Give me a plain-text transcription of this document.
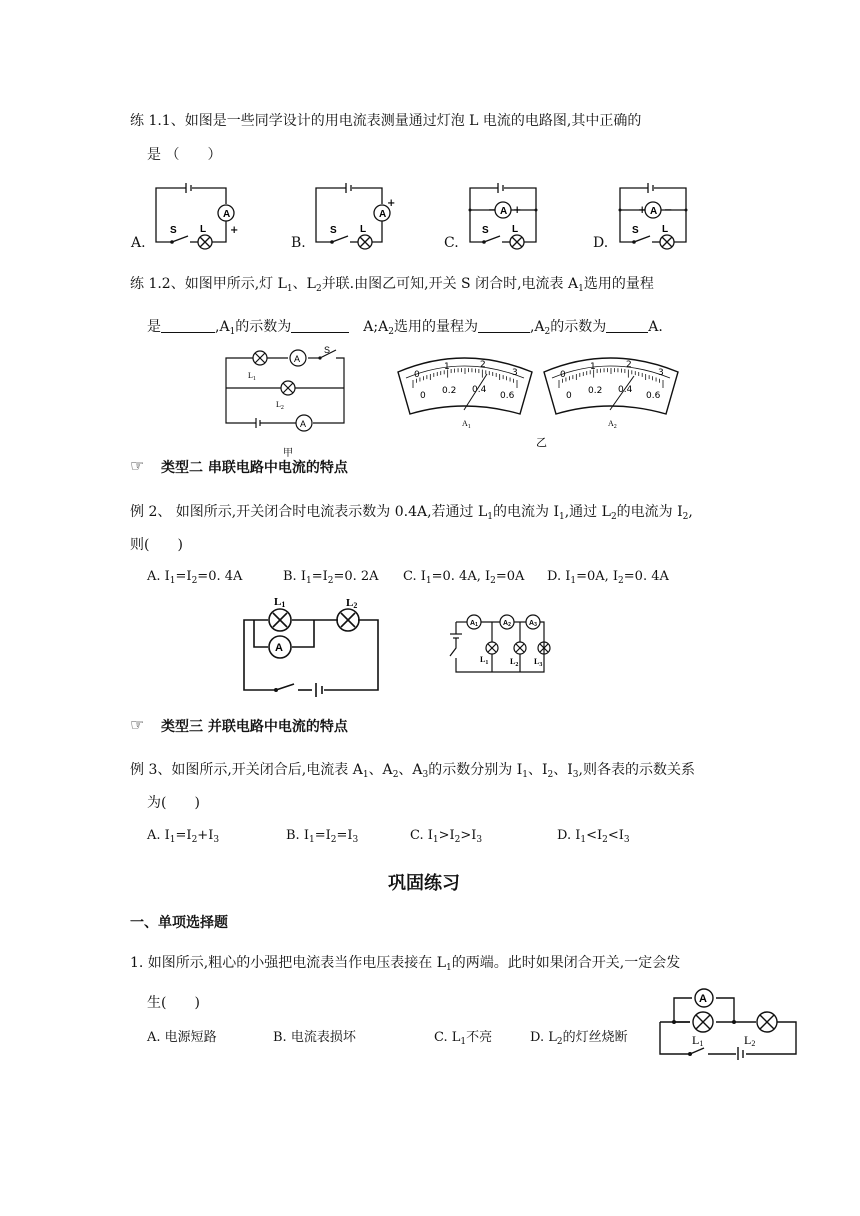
练 1.1、如图是一些同学设计的用电流表测量通过灯泡 L 电流的电路图,其中正确的
是 （　　）
A.	B.	C.	D.
A
S L +
A
S L
+
A
S L
− +	A
S L
+ −
练 1.2、如图甲所示,灯 $L_1$、$L_2$并联.由图乙可知,开关 S 闭合时,电流表 $A_1$选用的量程
是	$,A_1$的示数为	$A;A_2$选用的量程为	$,A_2$的示数为	A.
A
A
S
$L_1$
$L_2$
甲
0
1	2
3
0 0.2 0.4
0.6
0
1	2
3
0 0.2 0.4
0.6
$A_1$	$A_2$
乙
☞ 类型二 串联电路中电流的特点
例 2、 如图所示,开关闭合时电流表示数为 0.4A,若通过 $L_1$的电流为 $I_1$,通过 $L_2$的电流为 $I_2$,
则(　　)
A. $I_1=I_2=0$. 4A	B. $I_1=I_2=0$. 2A C. $I_1=0$. 4A, $I_2=0A$ D. $I_1=0A$, $I_2=0$. 4A
A
L1	L2
A1	A2	A3
$L_1$	$L_2$ $L_3$
☞ 类型三 并联电路中电流的特点
例 3、如图所示,开关闭合后,电流表 $A_1$、$A_2$、$A_3$的示数分别为 $I_1$、$I_2$、$I_3$,则各表的示数关系
为(　　)
A. $I_1=I_2+I_3$	B. $I_1=I_2=I_3$	C. $I_1>I_2>I_3$	D. $I_1<I_2<I_3$
巩固练习
一、单项选择题
1. 如图所示,粗心的小强把电流表当作电压表接在 $L_1$的两端。此时如果闭合开关,一定会发
生(　　)
A. 电源短路	B. 电流表损坏	C. $L_1$不亮	D. $L_2$的灯丝烧断
A
L1	L2
